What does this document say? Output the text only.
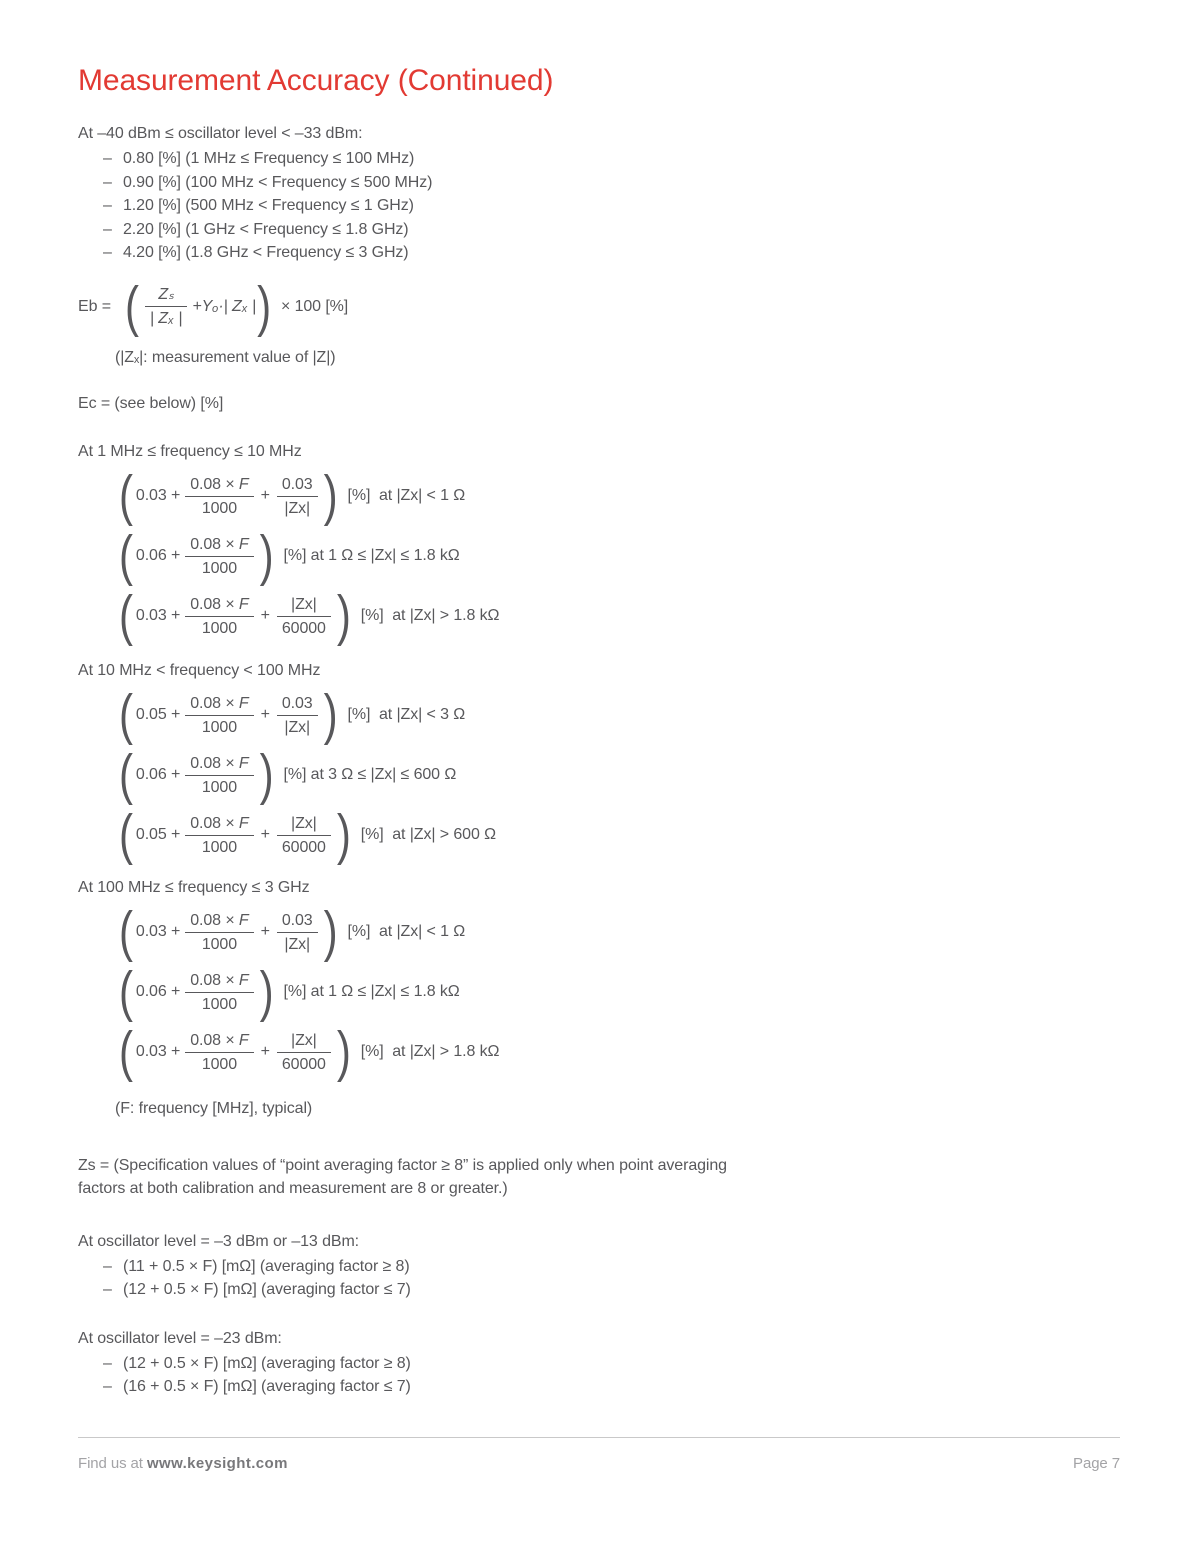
Measurement Accuracy (Continued)

At –40 dBm ≤ oscillator level < –33 dBm:

– 0.80 [%] (1 MHz ≤ Frequency ≤ 100 MHz)
– 0.90 [%] (100 MHz < Frequency ≤ 500 MHz)
– 1.20 [%] (500 MHz < Frequency ≤ 1 GHz)
– 2.20 [%] (1 GHz < Frequency ≤ 1.8 GHz)
– 4.20 [%] (1.8 GHz < Frequency ≤ 3 GHz)
Eb = ( $\frac{\text{Zₛ}}{\text{| Zₓ |}} +Y_o\cdot|$ Zₓ | ) × 100 [%]

(|Zₓ|: measurement value of |Z|)

Ec = (see below) [%]

At 1 MHz ≤ frequency ≤ 10 MHz

( $0.03 + \frac{0.08 \times F}{1000} + \frac{0.03}{|Zx|}$ ) [%]  at |Zx| < 1 Ω
( $0.06 + \frac{0.08 \times F}{1000}$ ) [%] at 1 Ω ≤ |Zx| ≤ 1.8 kΩ
( $0.03 + \frac{0.08 \times F}{1000} + \frac{|Zx|}{60000}$ ) [%]  at |Zx| > 1.8 kΩ

At 10 MHz < frequency < 100 MHz

( $0.05 + \frac{0.08 \times F}{1000} + \frac{0.03}{|Zx|}$ ) [%]  at |Zx| < 3 Ω
( $0.06 + \frac{0.08 \times F}{1000}$ ) [%] at 3 Ω ≤ |Zx| ≤ 600 Ω
( $0.05 + \frac{0.08 \times F}{1000} + \frac{|Zx|}{60000}$ ) [%]  at |Zx| > 600 Ω

At 100 MHz ≤ frequency ≤ 3 GHz

( $0.03 + \frac{0.08 \times F}{1000} + \frac{0.03}{|Zx|}$ ) [%]  at |Zx| < 1 Ω
( $0.06 + \frac{0.08 \times F}{1000}$ ) [%] at 1 Ω ≤ |Zx| ≤ 1.8 kΩ
( $0.03 + \frac{0.08 \times F}{1000} + \frac{|Zx|}{60000}$ ) [%]  at |Zx| > 1.8 kΩ

(F: frequency [MHz], typical)

Zs = (Specification values of “point averaging factor ≥ 8” is applied only when point averaging
factors at both calibration and measurement are 8 or greater.)

At oscillator level = –3 dBm or –13 dBm:

– (11 + 0.5 × F) [mΩ] (averaging factor ≥ 8)
– (12 + 0.5 × F) [mΩ] (averaging factor ≤ 7)

At oscillator level = –23 dBm:

– (12 + 0.5 × F) [mΩ] (averaging factor ≥ 8)
– (16 + 0.5 × F) [mΩ] (averaging factor ≤ 7)
Find us at www.keysight.com	Page 7
